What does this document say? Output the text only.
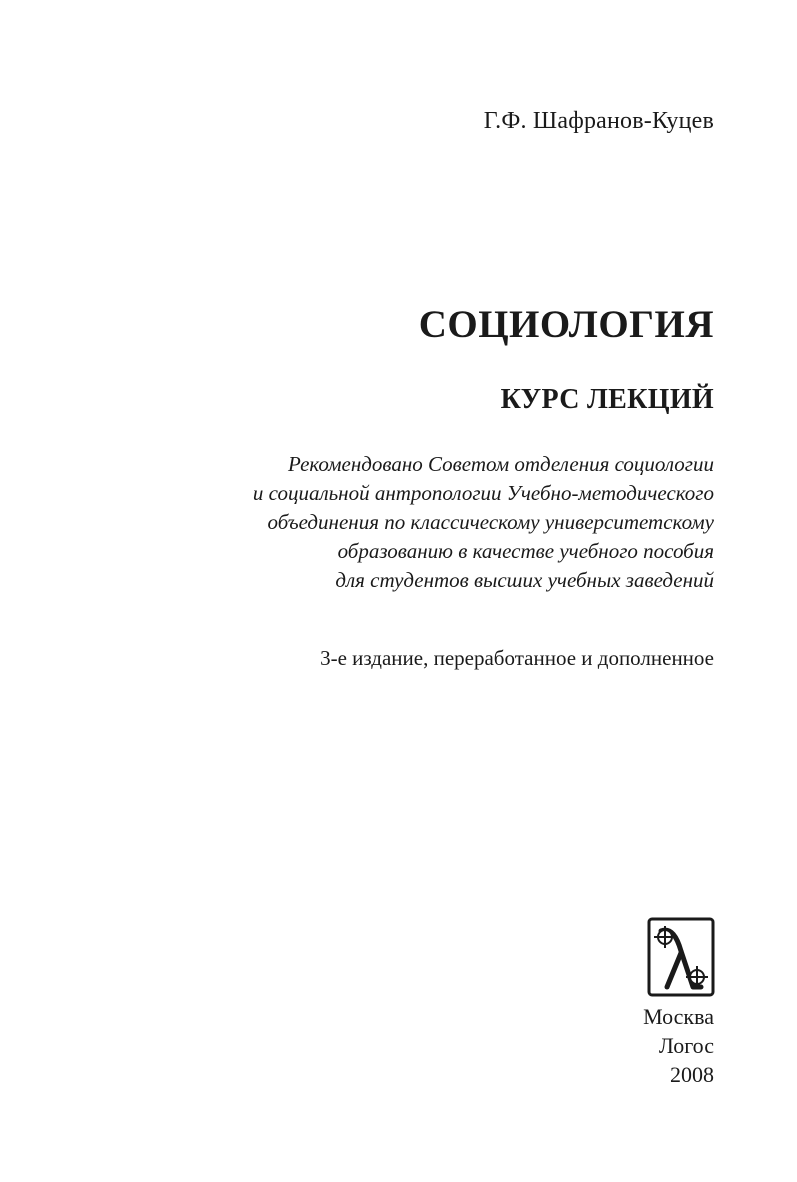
Г.Ф. Шафранов-Куцев
СОЦИОЛОГИЯ
КУРС ЛЕКЦИЙ
Рекомендовано Советом отделения социологии
и социальной антропологии Учебно-методического
объединения по классическому университетскому
образованию в качестве учебного пособия
для студентов высших учебных заведений
3-е издание, переработанное и дополненное
Москва
Логос
2008
